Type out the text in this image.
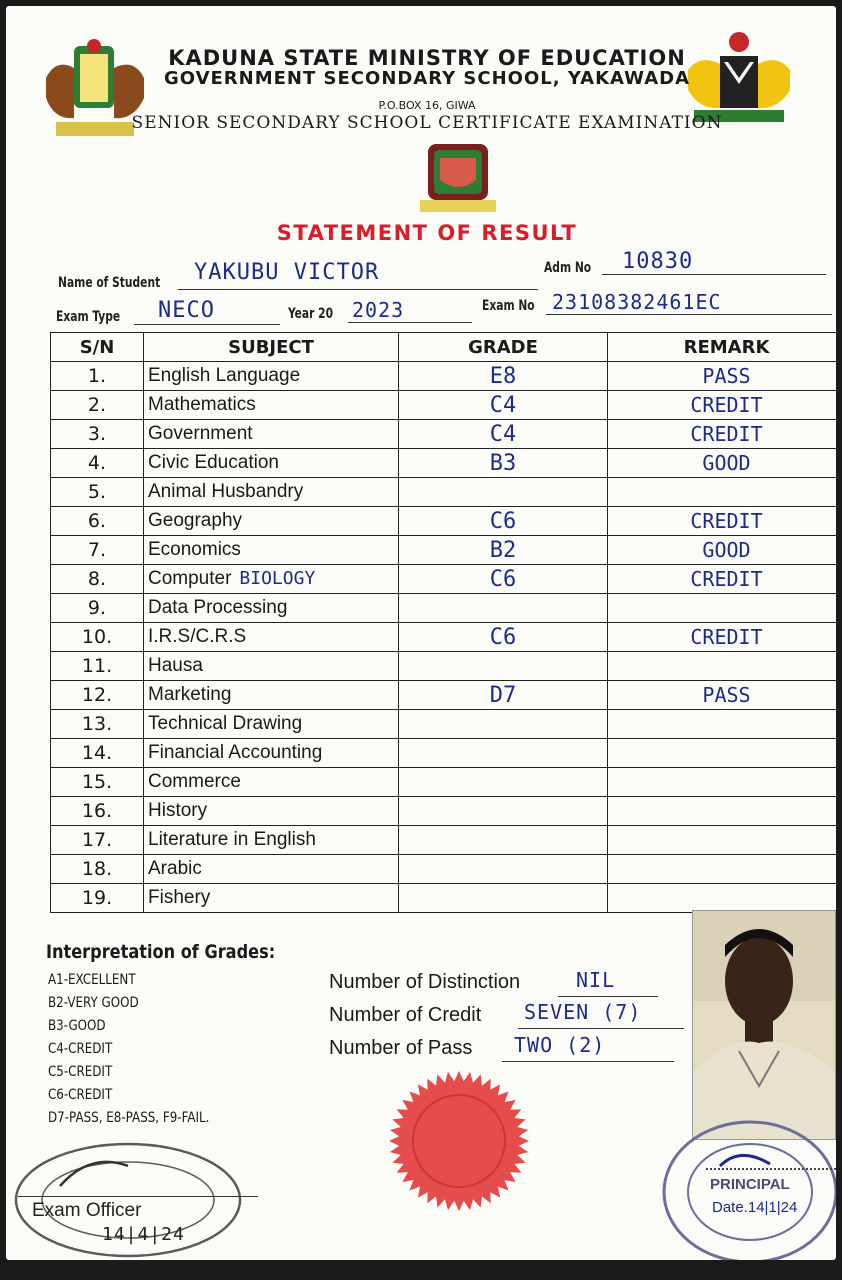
KADUNA STATE MINISTRY OF EDUCATION
GOVERNMENT SECONDARY SCHOOL, YAKAWADA
P.O.BOX 16, GIWA
SENIOR SECONDARY SCHOOL CERTIFICATE EXAMINATION
STATEMENT OF RESULT
Name of Student YAKUBU VICTOR	Adm No 10830
Exam Type NECO	Year 20 2023	Exam No 23108382461EC
S/N	SUBJECT	GRADE	REMARK
1.	English Language	E8	PASS
2.	Mathematics	C4	CREDIT
3.	Government	C4	CREDIT
4.	Civic Education	B3	GOOD
5.	Animal Husbandry		
6.	Geography	C6	CREDIT
7.	Economics	B2	GOOD
8.	Computer BIOLOGY	C6	CREDIT
9.	Data Processing		
10.	I.R.S/C.R.S	C6	CREDIT
11.	Hausa		
12.	Marketing	D7	PASS
13.	Technical Drawing		
14.	Financial Accounting		
15.	Commerce		
16.	History		
17.	Literature in English		
18.	Arabic		
19.	Fishery		
Interpretation of Grades:
A1-EXCELLENT
B2-VERY GOOD
B3-GOOD
C4-CREDIT
C5-CREDIT
C6-CREDIT
D7-PASS, E8-PASS, F9-FAIL.
Number of Distinction	NIL
Number of Credit SEVEN (7)
Number of Pass TWO (2)
PRINCIPAL
Date.14|1|24
Exam Officer
14|4|24
